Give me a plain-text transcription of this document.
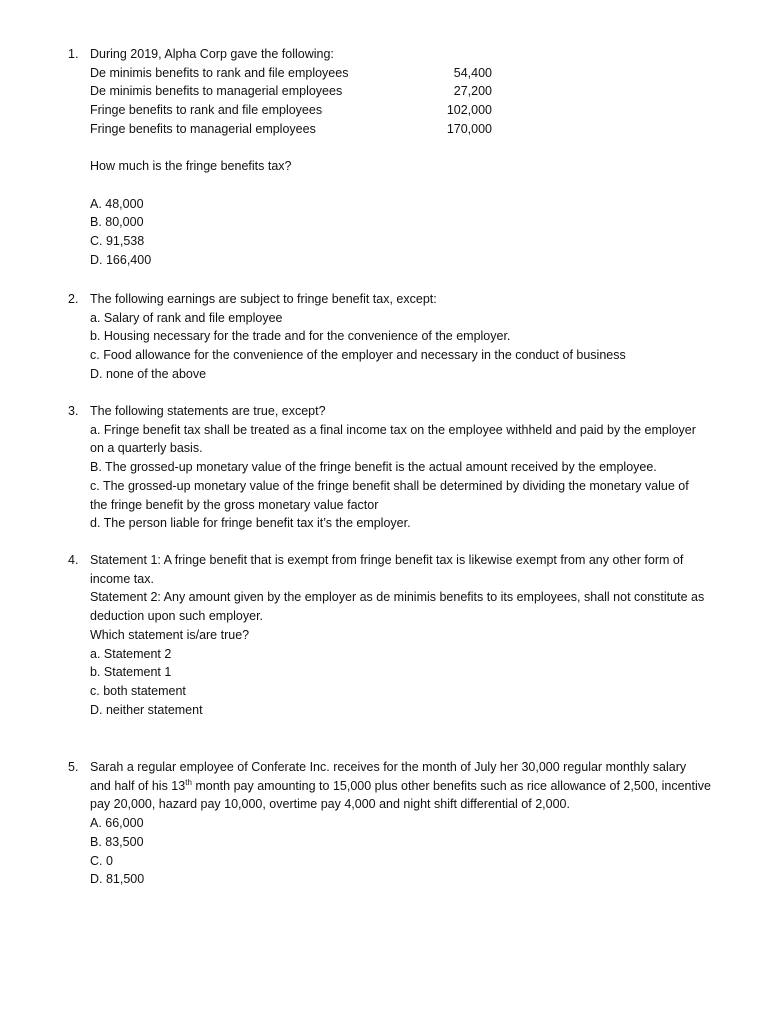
1. During 2019, Alpha Corp gave the following:
De minimis benefits to rank and file employees	54,400
De minimis benefits to managerial employees	27,200
Fringe benefits to rank and file employees	102,000
Fringe benefits to managerial employees	170,000
How much is the fringe benefits tax?
A. 48,000
B. 80,000
C. 91,538
D. 166,400
2. The following earnings are subject to fringe benefit tax, except:
a. Salary of rank and file employee
b. Housing necessary for the trade and for the convenience of the employer.
c. Food allowance for the convenience of the employer and necessary in the conduct of business
D. none of the above
3. The following statements are true, except?
a. Fringe benefit tax shall be treated as a final income tax on the employee withheld and paid by the employer
on a quarterly basis.
B. The grossed-up monetary value of the fringe benefit is the actual amount received by the employee.
c. The grossed-up monetary value of the fringe benefit shall be determined by dividing the monetary value of
the fringe benefit by the gross monetary value factor
d. The person liable for fringe benefit tax it’s the employer.
4. Statement 1: A fringe benefit that is exempt from fringe benefit tax is likewise exempt from any other form of
income tax.
Statement 2: Any amount given by the employer as de minimis benefits to its employees, shall not constitute as
deduction upon such employer.
Which statement is/are true?
a. Statement 2
b. Statement 1
c. both statement
D. neither statement
5. Sarah a regular employee of Conferate Inc. receives for the month of July her 30,000 regular monthly salary
and half of his 13th month pay amounting to 15,000 plus other benefits such as rice allowance of 2,500, incentive
pay 20,000, hazard pay 10,000, overtime pay 4,000 and night shift differential of 2,000.
A. 66,000
B. 83,500
C. 0
D. 81,500
